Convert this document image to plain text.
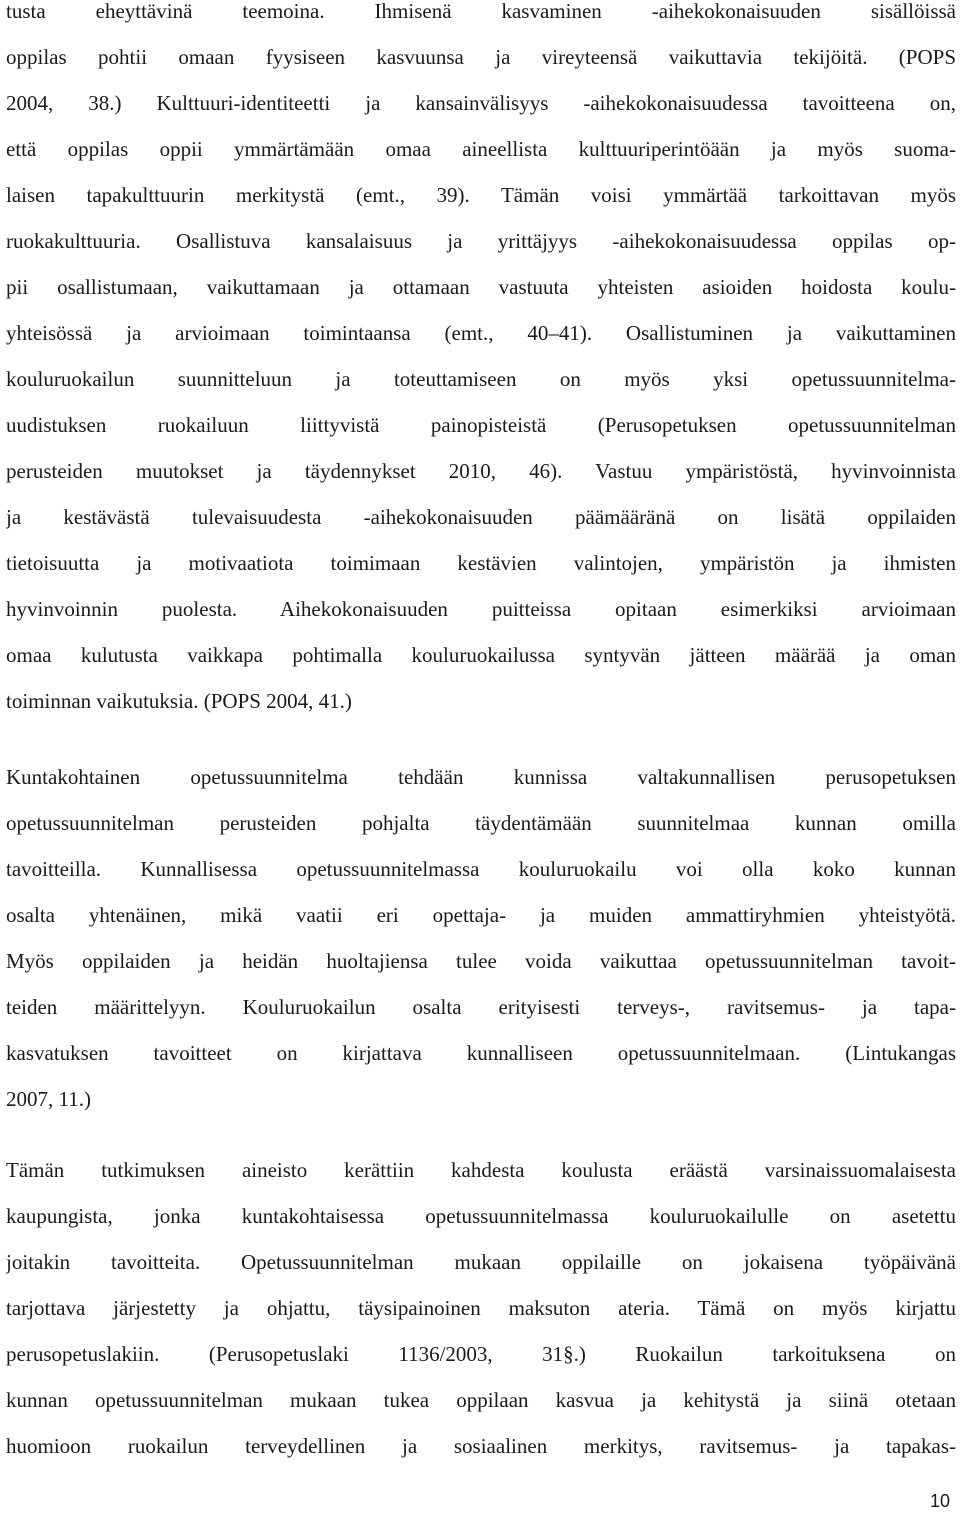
tusta eheyttävinä teemoina. Ihmisenä kasvaminen -aihekokonaisuuden sisällöissä
oppilas pohtii omaan fyysiseen kasvuunsa ja vireyteensä vaikuttavia tekijöitä. (POPS
2004, 38.) Kulttuuri-identiteetti ja kansainvälisyys -aihekokonaisuudessa tavoitteena on,
että oppilas oppii ymmärtämään omaa aineellista kulttuuriperintöään ja myös suoma-
laisen tapakulttuurin merkitystä (emt., 39). Tämän voisi ymmärtää tarkoittavan myös
ruokakulttuuria. Osallistuva kansalaisuus ja yrittäjyys -aihekokonaisuudessa oppilas op-
pii osallistumaan, vaikuttamaan ja ottamaan vastuuta yhteisten asioiden hoidosta koulu-
yhteisössä ja arvioimaan toimintaansa (emt., 40–41). Osallistuminen ja vaikuttaminen
kouluruokailun suunnitteluun ja toteuttamiseen on myös yksi opetussuunnitelma-
uudistuksen ruokailuun liittyvistä painopisteistä (Perusopetuksen opetussuunnitelman
perusteiden muutokset ja täydennykset 2010, 46). Vastuu ympäristöstä, hyvinvoinnista
ja kestävästä tulevaisuudesta -aihekokonaisuuden päämääränä on lisätä oppilaiden
tietoisuutta ja motivaatiota toimimaan kestävien valintojen, ympäristön ja ihmisten
hyvinvoinnin puolesta. Aihekokonaisuuden puitteissa opitaan esimerkiksi arvioimaan
omaa kulutusta vaikkapa pohtimalla kouluruokailussa syntyvän jätteen määrää ja oman
toiminnan vaikutuksia. (POPS 2004, 41.)
Kuntakohtainen opetussuunnitelma tehdään kunnissa valtakunnallisen perusopetuksen
opetussuunnitelman perusteiden pohjalta täydentämään suunnitelmaa kunnan omilla
tavoitteilla. Kunnallisessa opetussuunnitelmassa kouluruokailu voi olla koko kunnan
osalta yhtenäinen, mikä vaatii eri opettaja- ja muiden ammattiryhmien yhteistyötä.
Myös oppilaiden ja heidän huoltajiensa tulee voida vaikuttaa opetussuunnitelman tavoit-
teiden määrittelyyn. Kouluruokailun osalta erityisesti terveys-, ravitsemus- ja tapa-
kasvatuksen tavoitteet on kirjattava kunnalliseen opetussuunnitelmaan. (Lintukangas
2007, 11.)
Tämän tutkimuksen aineisto kerättiin kahdesta koulusta eräästä varsinaissuomalaisesta
kaupungista, jonka kuntakohtaisessa opetussuunnitelmassa kouluruokailulle on asetettu
joitakin tavoitteita. Opetussuunnitelman mukaan oppilaille on jokaisena työpäivänä
tarjottava järjestetty ja ohjattu, täysipainoinen maksuton ateria. Tämä on myös kirjattu
perusopetuslakiin. (Perusopetuslaki 1136/2003, 31§.) Ruokailun tarkoituksena on
kunnan opetussuunnitelman mukaan tukea oppilaan kasvua ja kehitystä ja siinä otetaan
huomioon ruokailun terveydellinen ja sosiaalinen merkitys, ravitsemus- ja tapakas-
10
